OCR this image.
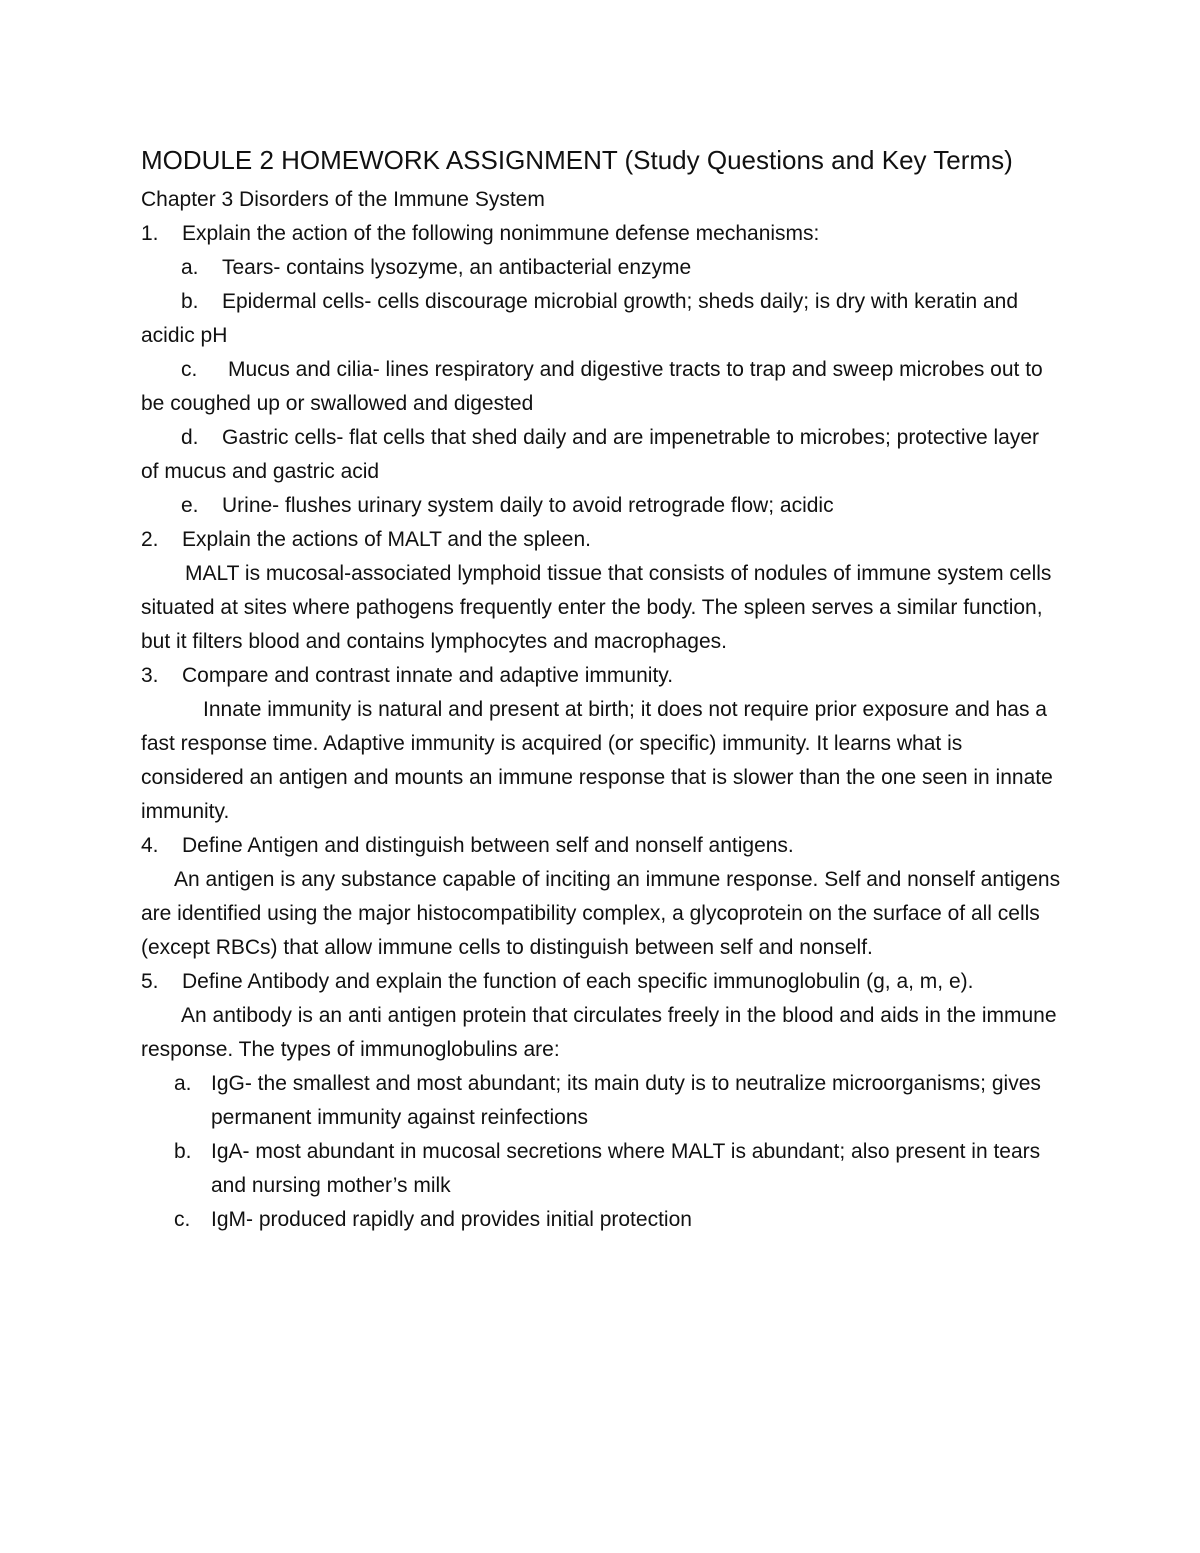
MODULE 2 HOMEWORK ASSIGNMENT (Study Questions and Key Terms)

Chapter 3 Disorders of the Immune System

1. Explain the action of the following nonimmune defense mechanisms:

a. Tears- contains lysozyme, an antibacterial enzyme

b. Epidermal cells- cells discourage microbial growth; sheds daily; is dry with keratin and acidic pH

c. Mucus and cilia- lines respiratory and digestive tracts to trap and sweep microbes out to be coughed up or swallowed and digested

d. Gastric cells- flat cells that shed daily and are impenetrable to microbes; protective layer of mucus and gastric acid

e. Urine- flushes urinary system daily to avoid retrograde flow; acidic

2. Explain the actions of MALT and the spleen.

MALT is mucosal-associated lymphoid tissue that consists of nodules of immune system cells situated at sites where pathogens frequently enter the body. The spleen serves a similar function, but it filters blood and contains lymphocytes and macrophages.

3. Compare and contrast innate and adaptive immunity.

Innate immunity is natural and present at birth; it does not require prior exposure and has a fast response time. Adaptive immunity is acquired (or specific) immunity. It learns what is considered an antigen and mounts an immune response that is slower than the one seen in innate immunity.

4. Define Antigen and distinguish between self and nonself antigens.

An antigen is any substance capable of inciting an immune response. Self and nonself antigens are identified using the major histocompatibility complex, a glycoprotein on the surface of all cells (except RBCs) that allow immune cells to distinguish between self and nonself.

5. Define Antibody and explain the function of each specific immunoglobulin (g, a, m, e).

An antibody is an anti antigen protein that circulates freely in the blood and aids in the immune response. The types of immunoglobulins are:

a. IgG- the smallest and most abundant; its main duty is to neutralize microorganisms; gives permanent immunity against reinfections

b. IgA- most abundant in mucosal secretions where MALT is abundant; also present in tears and nursing mother’s milk

c. IgM- produced rapidly and provides initial protection
